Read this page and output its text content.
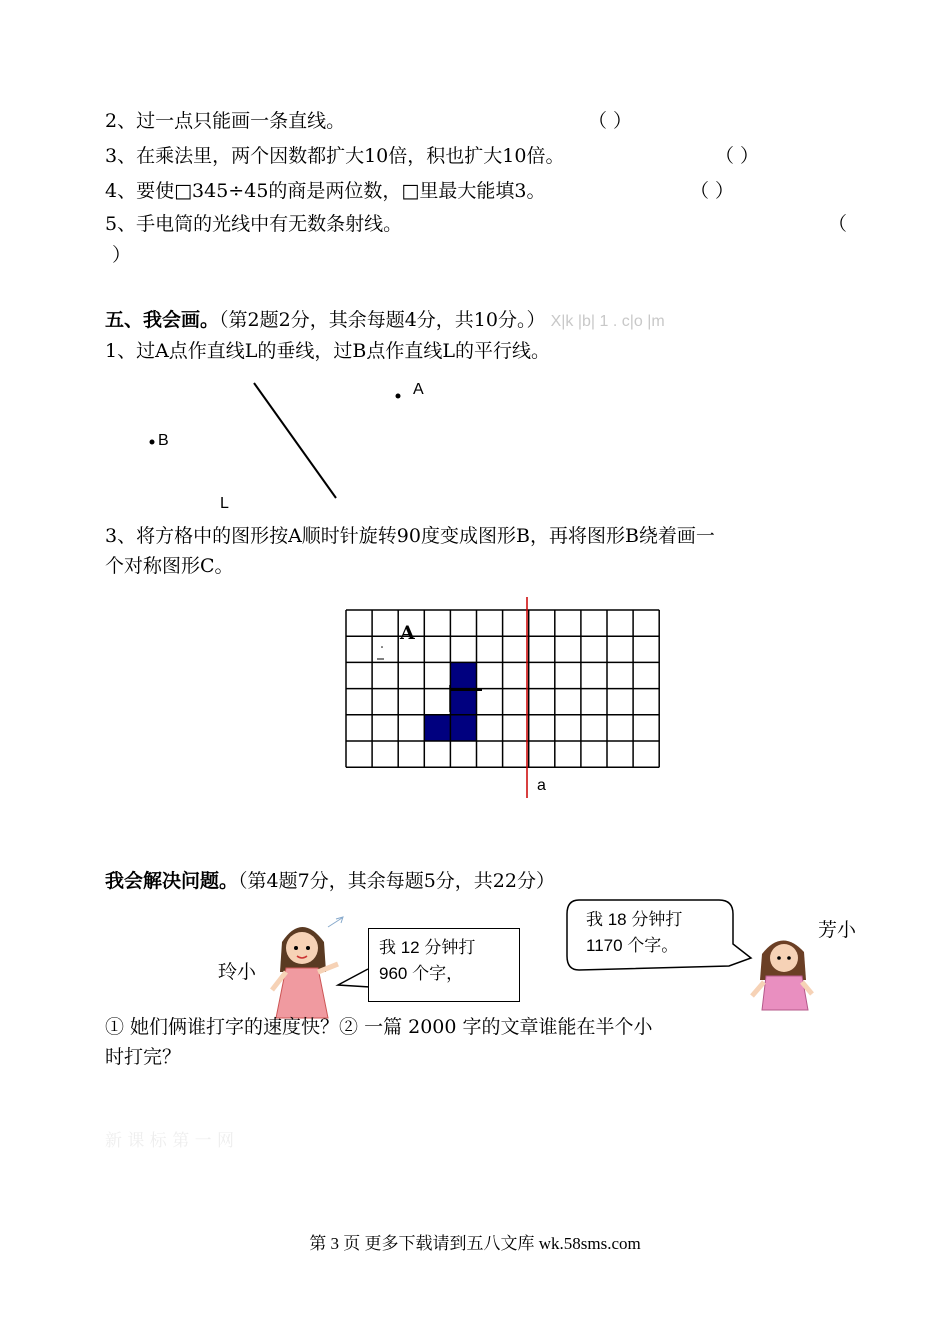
2、过一点只能画一条直线。	（ ）
3、在乘法里，两个因数都扩大10倍，积也扩大10倍。	（ ）
4、要使□345÷45的商是两位数，□里最大能填3。	（ ）
5、手电筒的光线中有无数条射线。	（
）
五、我会画。（第2题2分，其余每题4分，共10分。） X|k |b| 1 . c|o |m
1、过A点作直线L的垂线，过B点作直线L的平行线。
A
B
L
3、将方格中的图形按A顺时针旋转90度变成图形B，再将图形B绕着画一
个对称图形C。
A
a
我会解决问题。（第4题7分，其余每题5分，共22分）
玲小
我 12 分钟打
960 个字，
我 18 分钟打
1170 个字。
芳小
① 她们俩谁打字的速度快？② 一篇 2000 字的文章谁能在半个小
时打完？
新 课 标 第 一 网
第 3 页 更多下载请到五八文库 wk.58sms.com
